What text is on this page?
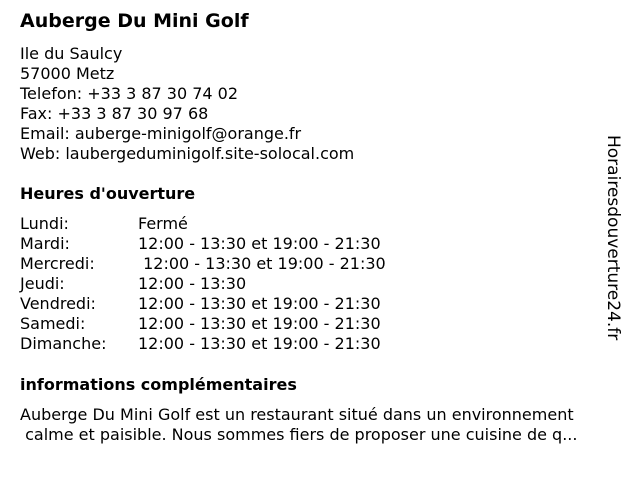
Auberge Du Mini Golf
Ile du Saulcy
57000 Metz
Telefon: +33 3 87 30 74 02
Fax: +33 3 87 30 97 68
Email: auberge-minigolf@orange.fr
Web: laubergeduminigolf.site-solocal.com
Heures d'ouverture
Lundi:	Fermé
Mardi:	12:00 - 13:30 et 19:00 - 21:30
Mercredi:	12:00 - 13:30 et 19:00 - 21:30
Jeudi:	12:00 - 13:30
Vendredi:	12:00 - 13:30 et 19:00 - 21:30
Samedi:	12:00 - 13:30 et 19:00 - 21:30
Dimanche:	12:00 - 13:30 et 19:00 - 21:30
informations complémentaires
Auberge Du Mini Golf est un restaurant situé dans un environnement
calme et paisible. Nous sommes fiers de proposer une cuisine de q...
Horairesdouverture24.fr
